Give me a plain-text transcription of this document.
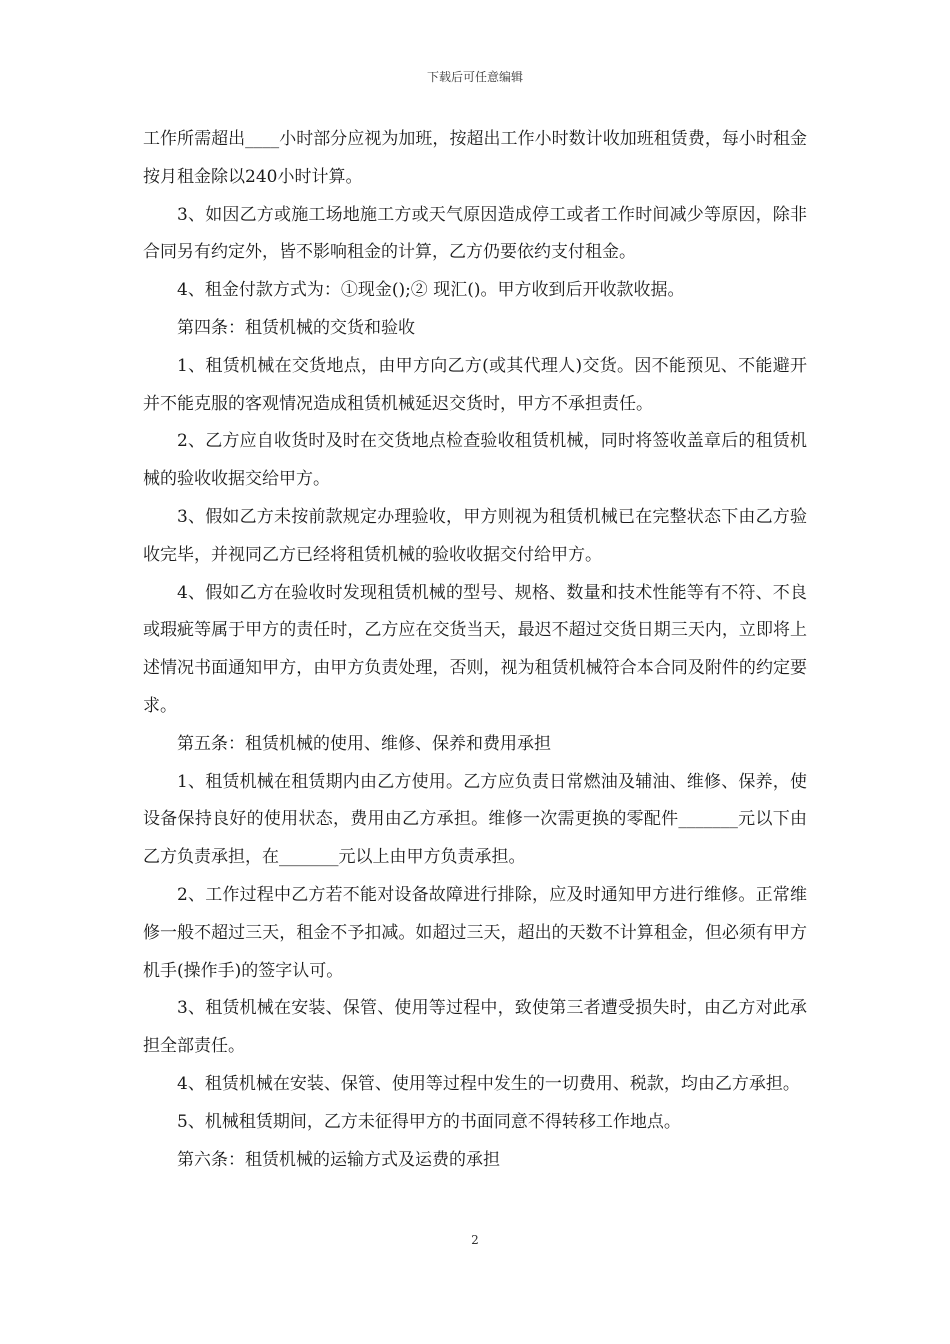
下载后可任意编辑

工作所需超出____小时部分应视为加班，按超出工作小时数计收加班租赁费，每小时租金按月租金除以240小时计算。

3、如因乙方或施工场地施工方或天气原因造成停工或者工作时间减少等原因，除非合同另有约定外，皆不影响租金的计算，乙方仍要依约支付租金。

4、租金付款方式为：①现金();② 现汇()。甲方收到后开收款收据。

第四条：租赁机械的交货和验收

1、租赁机械在交货地点，由甲方向乙方(或其代理人)交货。因不能预见、不能避开并不能克服的客观情况造成租赁机械延迟交货时，甲方不承担责任。

2、乙方应自收货时及时在交货地点检查验收租赁机械，同时将签收盖章后的租赁机械的验收收据交给甲方。

3、假如乙方未按前款规定办理验收，甲方则视为租赁机械已在完整状态下由乙方验收完毕，并视同乙方已经将租赁机械的验收收据交付给甲方。

4、假如乙方在验收时发现租赁机械的型号、规格、数量和技术性能等有不符、不良或瑕疵等属于甲方的责任时，乙方应在交货当天，最迟不超过交货日期三天内，立即将上述情况书面通知甲方，由甲方负责处理，否则，视为租赁机械符合本合同及附件的约定要求。

第五条：租赁机械的使用、维修、保养和费用承担

1、租赁机械在租赁期内由乙方使用。乙方应负责日常燃油及辅油、维修、保养，使设备保持良好的使用状态，费用由乙方承担。维修一次需更换的零配件_______元以下由乙方负责承担，在_______元以上由甲方负责承担。

2、工作过程中乙方若不能对设备故障进行排除，应及时通知甲方进行维修。正常维修一般不超过三天，租金不予扣减。如超过三天，超出的天数不计算租金，但必须有甲方机手(操作手)的签字认可。

3、租赁机械在安装、保管、使用等过程中，致使第三者遭受损失时，由乙方对此承担全部责任。

4、租赁机械在安装、保管、使用等过程中发生的一切费用、税款，均由乙方承担。

5、机械租赁期间，乙方未征得甲方的书面同意不得转移工作地点。

第六条：租赁机械的运输方式及运费的承担

2
